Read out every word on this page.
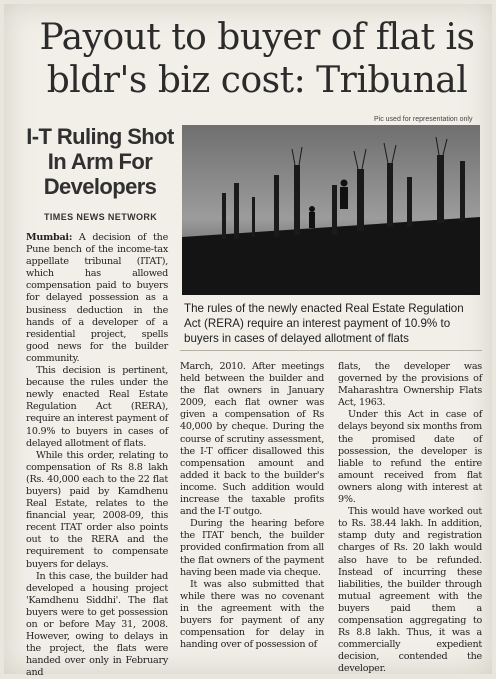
Payout to buyer of flat is bldr's biz cost: Tribunal
I-T Ruling Shot In Arm For Developers
TIMES NEWS NETWORK
Pic used for representation only
The rules of the newly enacted Real Estate Regulation Act (RERA) require an interest payment of 10.9% to buyers in cases of delayed allotment of flats

Mumbai: A decision of the Pune bench of the income-tax appellate tribunal (ITAT), which has allowed compensation paid to buyers for delayed possession as a business deduction in the hands of a developer of a residential project, spells good news for the builder community.

This decision is pertinent, because the rules under the newly enacted Real Estate Regulation Act (RERA), require an interest payment of 10.9% to buyers in cases of delayed allotment of flats.

While this order, relating to compensation of Rs 8.8 lakh (Rs. 40,000 each to the 22 flat buyers) paid by Kamdhenu Real Estate, relates to the financial year, 2008-09, this recent ITAT order also points out to the RERA and the requirement to compensate buyers for delays.

In this case, the builder had developed a housing project 'Kamdhenu Siddhi'. The flat buyers were to get possession on or before May 31, 2008. However, owing to delays in the project, the flats were handed over only in February and

March, 2010. After meetings held between the builder and the flat owners in January 2009, each flat owner was given a compensation of Rs 40,000 by cheque. During the course of scrutiny assessment, the I-T officer disallowed this compensation amount and added it back to the builder's income. Such addition would increase the taxable profits and the I-T outgo.

During the hearing before the ITAT bench, the builder provided confirmation from all the flat owners of the payment having been made via cheque.

It was also submitted that while there was no covenant in the agreement with the buyers for payment of any compensation for delay in handing over of possession of

flats, the developer was governed by the provisions of Maharashtra Ownership Flats Act, 1963.

Under this Act in case of delays beyond six months from the promised date of possession, the developer is liable to refund the entire amount received from flat owners along with interest at 9%.

This would have worked out to Rs. 38.44 lakh. In addition, stamp duty and registration charges of Rs. 20 lakh would also have to be refunded. Instead of incurring these liabilities, the builder through mutual agreement with the buyers paid them a compensation aggregating to Rs 8.8 lakh. Thus, it was a commercially expedient decision, contended the developer.
